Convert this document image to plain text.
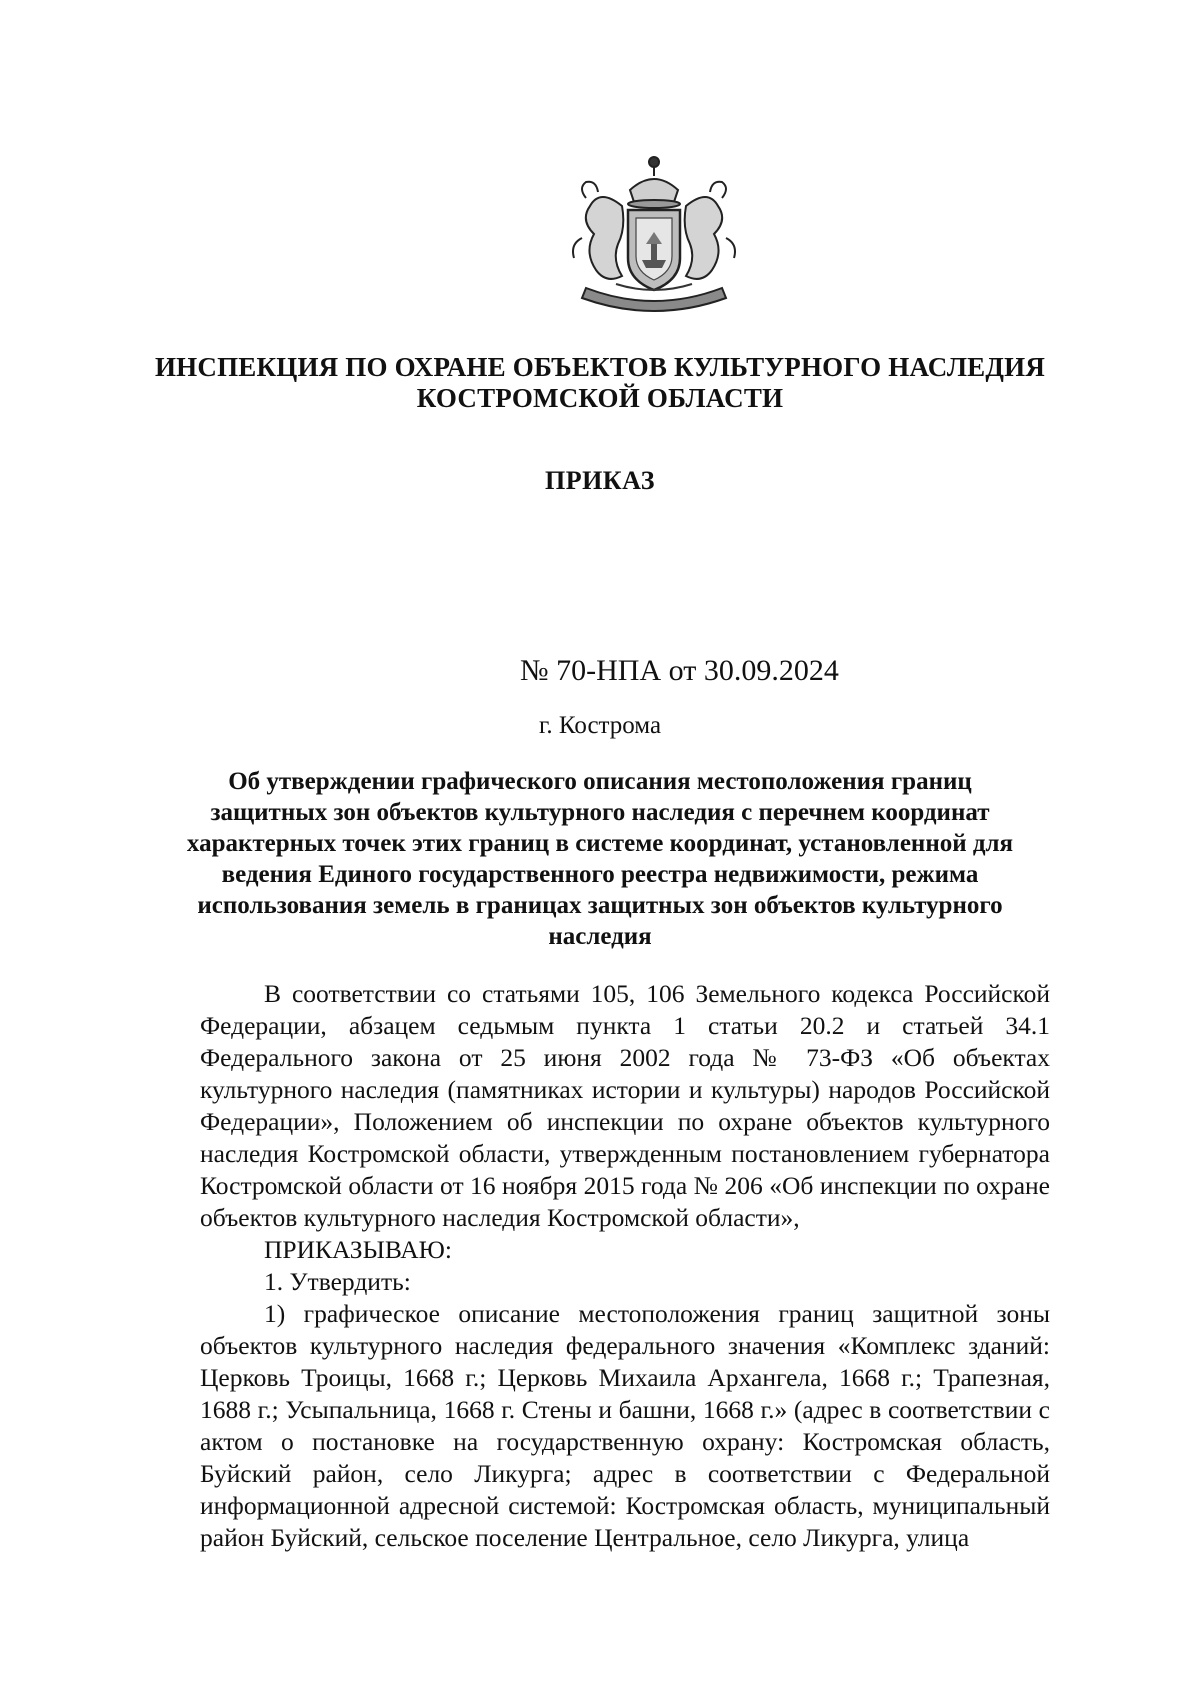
ИНСПЕКЦИЯ ПО ОХРАНЕ ОБЪЕКТОВ КУЛЬТУРНОГО НАСЛЕДИЯ
КОСТРОМСКОЙ ОБЛАСТИ
ПРИКАЗ
№ 70-НПА от 30.09.2024
г. Кострома
Об утверждении графического описания местоположения границ защитных зон объектов культурного наследия с перечнем координат характерных точек этих границ в системе координат, установленной для ведения Единого государственного реестра недвижимости, режима использования земель в границах защитных зон объектов культурного наследия

В соответствии со статьями 105, 106 Земельного кодекса Российской Федерации, абзацем седьмым пункта 1 статьи 20.2 и статьей 34.1 Федерального закона от 25 июня 2002 года № 73-ФЗ «Об объектах культурного наследия (памятниках истории и культуры) народов Российской Федерации», Положением об инспекции по охране объектов культурного наследия Костромской области, утвержденным постановлением губернатора Костромской области от 16 ноября 2015 года № 206 «Об инспекции по охране объектов культурного наследия Костромской области»,

ПРИКАЗЫВАЮ:

1. Утвердить:

1) графическое описание местоположения границ защитной зоны объектов культурного наследия федерального значения «Комплекс зданий: Церковь Троицы, 1668 г.; Церковь Михаила Архангела, 1668 г.; Трапезная, 1688 г.; Усыпальница, 1668 г. Стены и башни, 1668 г.» (адрес в соответствии с актом о постановке на государственную охрану: Костромская область, Буйский район, село Ликурга; адрес в соответствии с Федеральной информационной адресной системой: Костромская область, муниципальный район Буйский, сельское поселение Центральное, село Ликурга, улица
